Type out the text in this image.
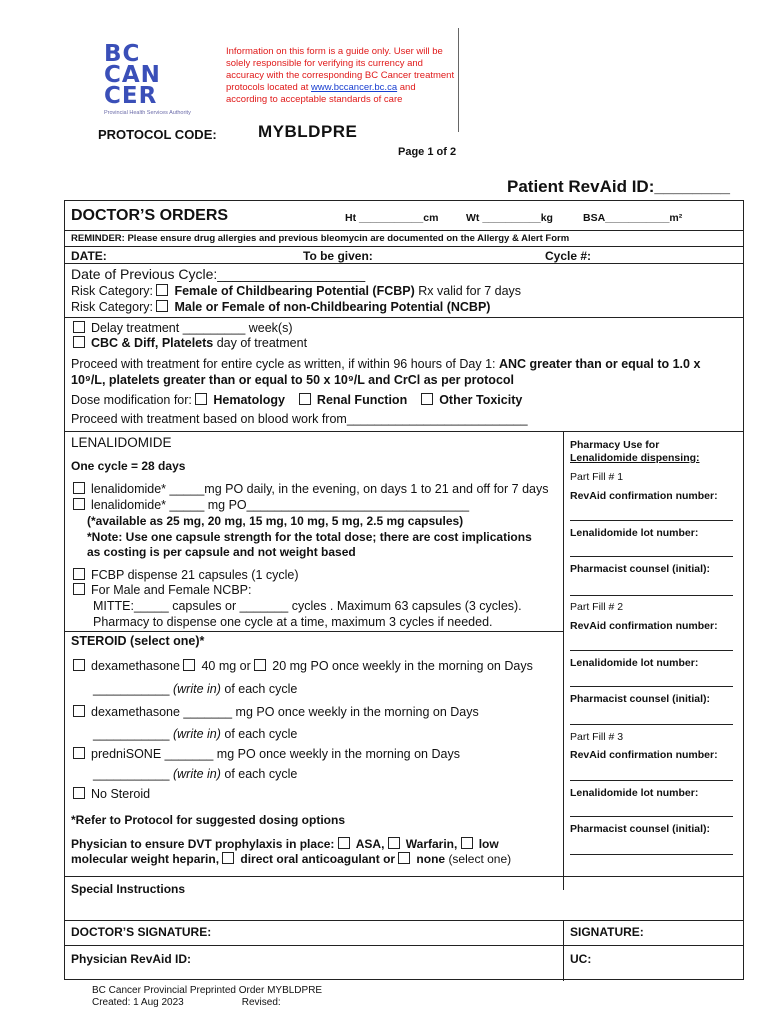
BC
CAN
CER
Provincial Health Services Authority
Information on this form is a guide only. User will be solely responsible for verifying its currency and accuracy with the corresponding BC Cancer treatment protocols located at www.bccancer.bc.ca and according to acceptable standards of care
PROTOCOL CODE: MYBLDPRE
Page 1 of 2
Patient RevAid ID:________
DOCTOR’S ORDERS	Ht ___________cm	Wt __________kg	BSA___________m²
REMINDER: Please ensure drug allergies and previous bleomycin are documented on the Allergy & Alert Form
DATE:	To be given:	Cycle #:
Date of Previous Cycle:___________________
Risk Category: Female of Childbearing Potential (FCBP) Rx valid for 7 days
Risk Category: Male or Female of non-Childbearing Potential (NCBP)
Delay treatment _________ week(s)
CBC & Diff, Platelets day of treatment
Proceed with treatment for entire cycle as written, if within 96 hours of Day 1: ANC greater than or equal to 1.0 x
10⁹/L, platelets greater than or equal to 50 x 10⁹/L and CrCl as per protocol
Dose modification for: Hematology	Renal Function	Other Toxicity
Proceed with treatment based on blood work from__________________________
LENALIDOMIDE
One cycle = 28 days
lenalidomide* _____mg PO daily, in the evening, on days 1 to 21 and off for 7 days
lenalidomide* _____ mg PO________________________________
(*available as 25 mg, 20 mg, 15 mg, 10 mg, 5 mg, 2.5 mg capsules)
*Note: Use one capsule strength for the total dose; there are cost implications
as costing is per capsule and not weight based
FCBP dispense 21 capsules (1 cycle)
For Male and Female NCBP:
MITTE:_____ capsules or _______ cycles . Maximum 63 capsules (3 cycles).
Pharmacy to dispense one cycle at a time, maximum 3 cycles if needed.
STEROID (select one)*
dexamethasone 40 mg or 20 mg PO once weekly in the morning on Days
___________ (write in) of each cycle
dexamethasone _______ mg PO once weekly in the morning on Days
___________ (write in) of each cycle
predniSONE _______ mg PO once weekly in the morning on Days
___________ (write in) of each cycle
No Steroid
*Refer to Protocol for suggested dosing options
Physician to ensure DVT prophylaxis in place: ASA, Warfarin, low
molecular weight heparin, direct oral anticoagulant or none (select one)
Pharmacy Use for
Lenalidomide dispensing:
Part Fill # 1
RevAid confirmation number:
Lenalidomide lot number:
Pharmacist counsel (initial):
Part Fill # 2
RevAid confirmation number:
Lenalidomide lot number:
Pharmacist counsel (initial):
Part Fill # 3
RevAid confirmation number:
Lenalidomide lot number:
Pharmacist counsel (initial):
Special Instructions
DOCTOR’S SIGNATURE:	SIGNATURE:
Physician RevAid ID:	UC:
BC Cancer Provincial Preprinted Order MYBLDPRE
Created: 1 Aug 2023	Revised:
